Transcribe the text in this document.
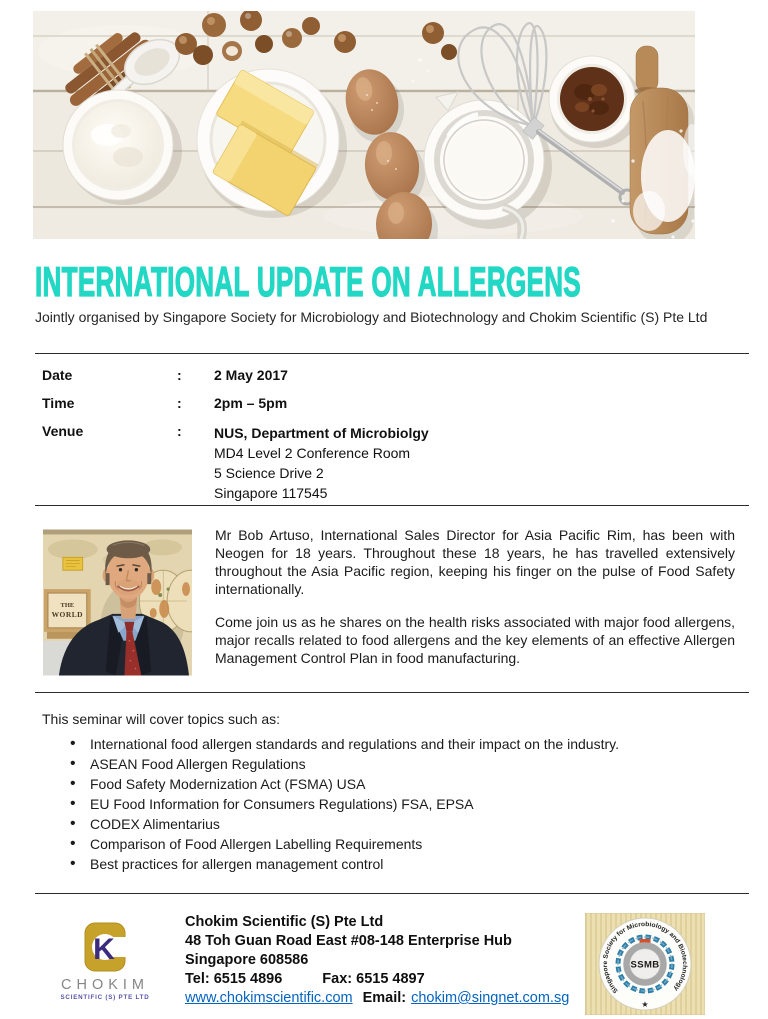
INTERNATIONAL UPDATE ON ALLERGENS
Jointly organised by Singapore Society for Microbiology and Biotechnology and Chokim Scientific (S) Pte Ltd
Date	:	2 May 2017
Time	:	2pm – 5pm
Venue	:	NUS, Department of Microbiolgy
MD4 Level 2 Conference Room
5 Science Drive 2
Singapore 117545
THE
WORLD

Mr Bob Artuso, International Sales Director for Asia Pacific Rim, has been with Neogen for 18 years. Throughout these 18 years, he has travelled extensively throughout the Asia Pacific region, keeping his finger on the pulse of Food Safety internationally.

Come join us as he shares on the health risks associated with major food allergens, major recalls related to food allergens and the key elements of an effective Allergen Management Control Plan in food manufacturing.

This seminar will cover topics such as:
• International food allergen standards and regulations and their impact on the industry.
• ASEAN Food Allergen Regulations
• Food Safety Modernization Act (FSMA) USA
• EU Food Information for Consumers Regulations) FSA, EPSA
• CODEX Alimentarius
• Comparison of Food Allergen Labelling Requirements
• Best practices for allergen management control
K
CHOKIM
SCIENTIFIC (S) PTE LTD
Chokim Scientific (S) Pte Ltd
48 Toh Guan Road East #08-148 Enterprise Hub
Singapore 608586
Tel: 6515 4896	Fax: 6515 4897
www.chokimscientific.com Email: chokim@singnet.com.sg	Singapore Society for Microbiology and Biotechnology
★
SSMB
